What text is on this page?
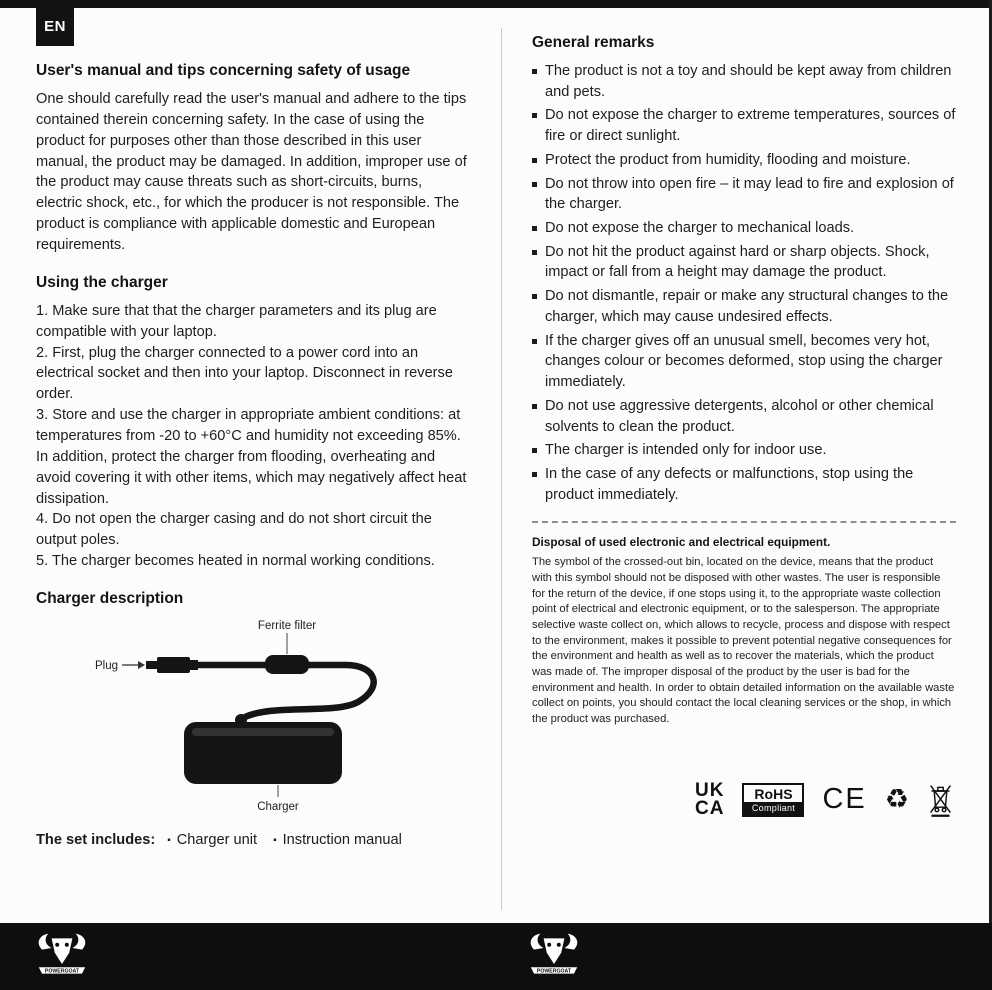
EN
User's manual and tips concerning safety of usage

One should carefully read the user's manual and adhere to the tips contained therein concerning safety. In the case of using the product for purposes other than those described in this user manual, the product may be damaged. In addition, improper use of the product may cause threats such as short-circuits, burns, electric shock, etc., for which the producer is not responsible. The product is compliance with applicable domestic and European requirements.

Using the charger

1. Make sure that that the charger parameters and its plug are compatible with your laptop.

2. First, plug the charger connected to a power cord into an electrical socket and then into your laptop. Disconnect in reverse order.

3. Store and use the charger in appropriate ambient conditions: at temperatures from -20 to +60°C and humidity not exceeding 85%. In addition, protect the charger from flooding, overheating and avoid covering it with other items, which may negatively affect heat dissipation.

4. Do not open the charger casing and do not short circuit the output poles.

5. The charger becomes heated in normal working conditions.

Charger description
Ferrite filter
Plug
Charger
The set includes:	▪ Charger unit	▪ Instruction manual
General remarks
The product is not a toy and should be kept away from children and pets.
Do not expose the charger to extreme temperatures, sources of fire or direct sunlight.
Protect the product from humidity, flooding and moisture.
Do not throw into open fire – it may lead to fire and explosion of the charger.
Do not expose the charger to mechanical loads.
Do not hit the product against hard or sharp objects. Shock, impact or fall from a height may damage the product.
Do not dismantle, repair or make any structural changes to the charger, which may cause undesired effects.
If the charger gives off an unusual smell, becomes very hot, changes colour or becomes deformed, stop using the charger immediately.
Do not use aggressive detergents, alcohol or other chemical solvents to clean the product.
The charger is intended only for indoor use.
In the case of any defects or malfunctions, stop using the product immediately.
Disposal of used electronic and electrical equipment.

The symbol of the crossed-out bin, located on the device, means that the product with this symbol should not be disposed with other wastes. The user is responsible for the return of the device, if one stops using it, to the appropriate waste collection point of electrical and electronic equipment, or to the salesperson. The appropriate selective waste collect on, which allows to recycle, process and dispose with respect to the environment, makes it possible to prevent potential negative consequences for the environment and health as well as to recover the materials, which the product was made of. The improper disposal of the product by the user is bad for the environment and health. In order to obtain detailed information on the available waste collect on points, you should contact the local cleaning services or the shop, in which the product was purchased.

UK
CA
RoHS
Compliant CE ♻
POWERGOAT	POWERGOAT
